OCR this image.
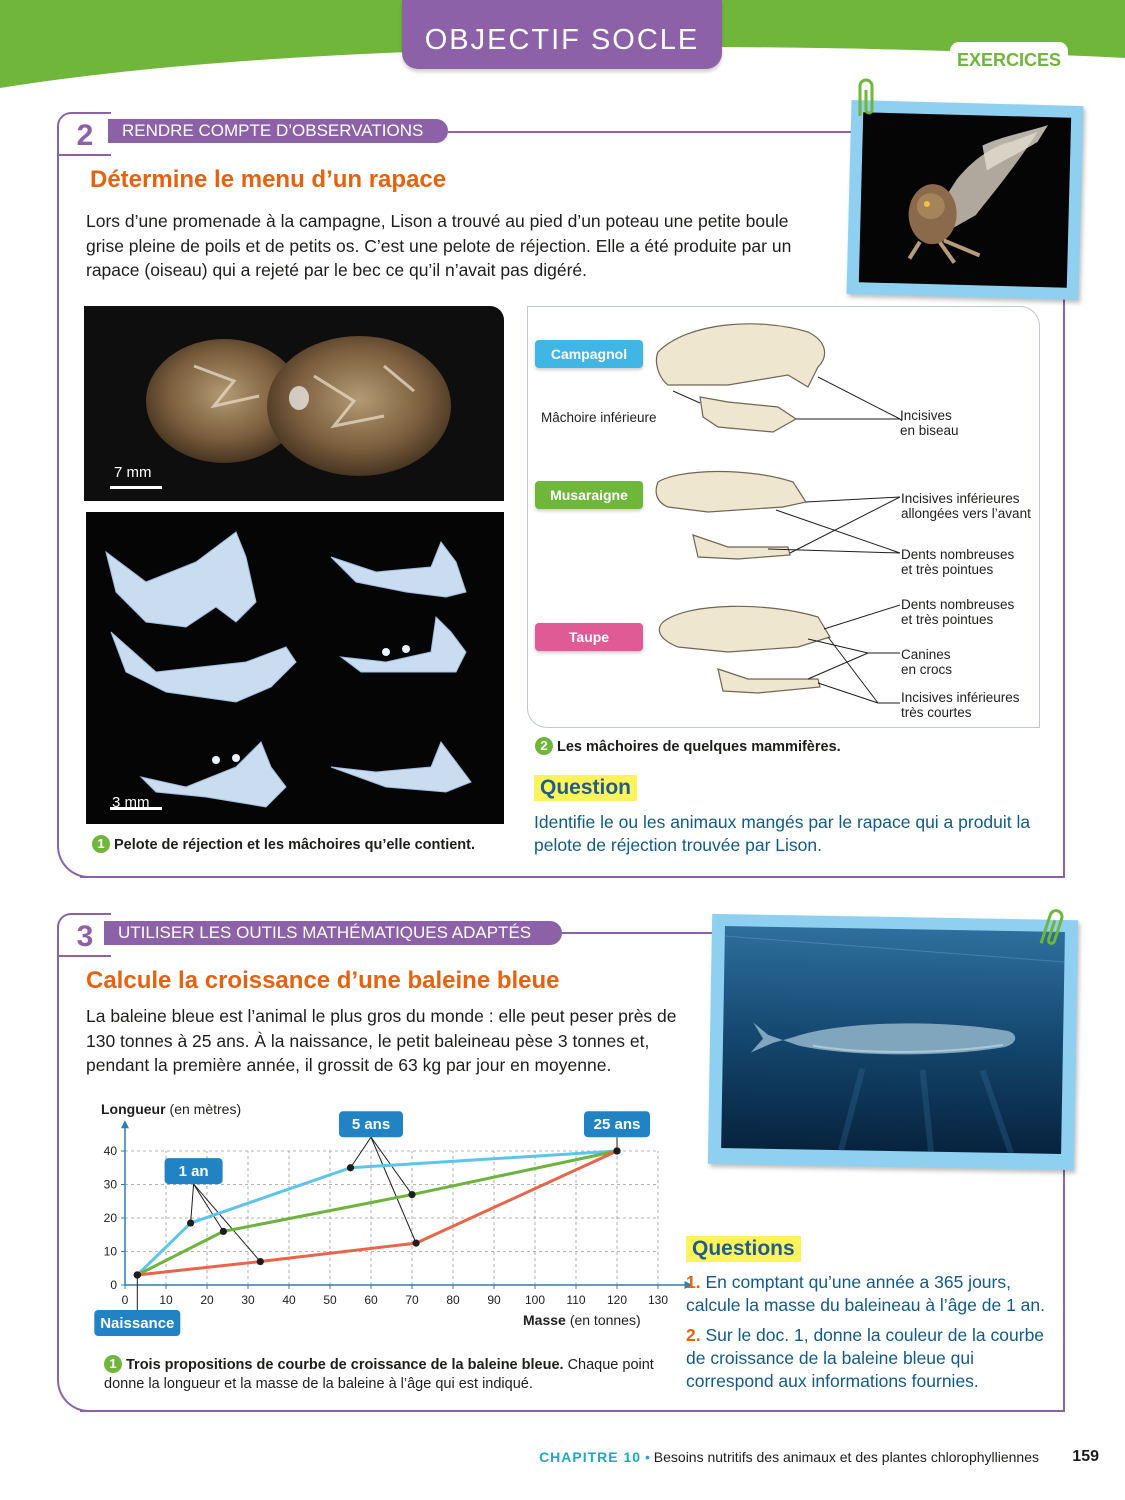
OBJECTIF SOCLE
EXERCICES
2	RENDRE COMPTE D’OBSERVATIONS (D1)
Détermine le menu d’un rapace
Lors d’une promenade à la campagne, Lison a trouvé au pied d’un poteau une petite boule grise pleine de poils et de petits os. C’est une pelote de réjection. Elle a été produite par un rapace (oiseau) qui a rejeté par le bec ce qu’il n’avait pas digéré.
7 mm
3 mm
1 Pelote de réjection et les mâchoires qu’elle contient.
Campagnol
Musaraigne
Taupe
Mâchoire inférieure	Incisives
en biseau
Incisives inférieures
allongées vers l’avant
Dents nombreuses
et très pointues
Dents nombreuses
et très pointues
Canines
en crocs
Incisives inférieures
très courtes
2 Les mâchoires de quelques mammifères.
Question
Identifie le ou les animaux mangés par le rapace qui a produit la pelote de réjection trouvée par Lison.
3	UTILISER LES OUTILS MATHÉMATIQUES ADAPTÉS (D2)
Calcule la croissance d’une baleine bleue
La baleine bleue est l’animal le plus gros du monde : elle peut peser près de 130 tonnes à 25 ans. À la naissance, le petit baleineau pèse 3 tonnes et, pendant la première année, il grossit de 63 kg par jour en moyenne.
0	10 20 30 40 50 60 70 80 90 100 110 120 130
0
10
20
30
40
Naissance
1 an
5 ans	25 ans
Longueur (en mètres)
Masse (en tonnes)
1 Trois propositions de courbe de croissance de la baleine bleue. Chaque point donne la longueur et la masse de la baleine à l’âge qui est indiqué.
Questions
1. En comptant qu’une année a 365 jours, calcule la masse du baleineau à l’âge de 1 an.
2. Sur le doc. 1, donne la couleur de la courbe de croissance de la baleine bleue qui correspond aux informations fournies.
CHAPITRE 10 • Besoins nutritifs des animaux et des plantes chlorophylliennes 159
